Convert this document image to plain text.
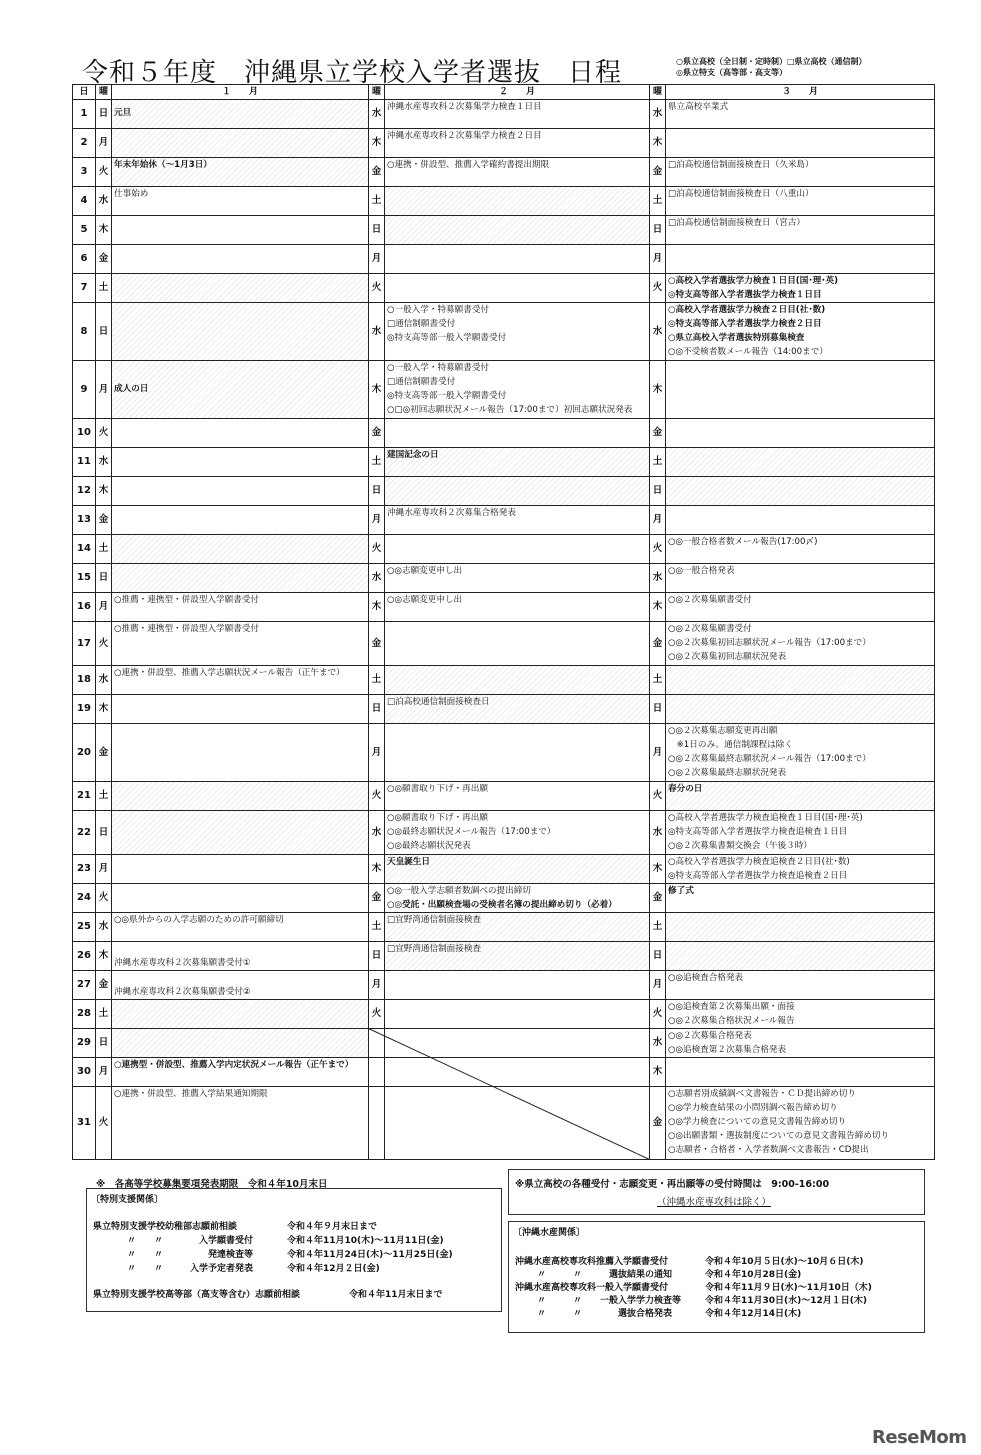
令和５年度　沖縄県立学校入学者選抜　日程	○県立高校（全日制・定時制）□県立高校（通信制）
◎県立特支（高等部・高支等）
日	曜	１　　月	曜	２　　月	曜	３　　月
1	日	元旦	水	沖縄水産専攻科２次募集学力検査１日目	水	県立高校卒業式

2	月		木	沖縄水産専攻科２次募集学力検査２日目	木	
3	火	年末年始休（～1月3日）	金	○連携・併設型、推薦入学確約書提出期限	金	□泊高校通信制面接検査日（久米島）

4	水	仕事始め	土		土	□泊高校通信制面接検査日（八重山）

5	木		日		日	□泊高校通信制面接検査日（宮古）

6	金		月		月	
7	土		火		火	○高校入学者選抜学力検査１日目(国･理･英)
◎特支高等部入学者選抜学力検査１日目

8	日		水	○一般入学・特募願書受付
□通信制願書受付
◎特支高等部一般入学願書受付	水	○高校入学者選抜学力検査２日目(社･数)
◎特支高等部入学者選抜学力検査２日目
○県立高校入学者選抜特別募集検査
○◎不受検者数メール報告（14:00まで）

9	月	成人の日	木	○一般入学・特募願書受付
□通信制願書受付
◎特支高等部一般入学願書受付
○□◎初回志願状況メール報告（17:00まで）初回志願状況発表	木	
10	火		金		金	
11	水		土	建国記念の日	土	
12	木		日		日	
13	金		月	沖縄水産専攻科２次募集合格発表	月	
14	土		火		火	○◎一般合格者数メール報告(17:00〆)

15	日		水	○◎志願変更申し出	水	○◎一般合格発表

16	月	○推薦・連携型・併設型入学願書受付	木	○◎志願変更申し出	木	○◎２次募集願書受付

17	火	○推薦・連携型・併設型入学願書受付	金		金	○◎２次募集願書受付
○◎２次募集初回志願状況メール報告（17:00まで）
○◎２次募集初回志願状況発表

18	水	○連携・併設型、推薦入学志願状況メール報告（正午まで）	土		土	
19	木		日	□泊高校通信制面接検査日	日	
20	金		月		月	○◎２次募集志願変更再出願
　※1日のみ。通信制課程は除く
○◎２次募集最終志願状況メール報告（17:00まで）
○◎２次募集最終志願状況発表

21	土		火	○◎願書取り下げ・再出願	火	春分の日

22	日		水	○◎願書取り下げ・再出願
○◎最終志願状況メール報告（17:00まで）
○◎最終志願状況発表	水	○高校入学者選抜学力検査追検査１日目(国･理･英)
◎特支高等部入学者選抜学力検査追検査１日目
○◎２次募集書類交換会（午後３時）

23	月		木	天皇誕生日	木	○高校入学者選抜学力検査追検査２日目(社･数)
◎特支高等部入学者選抜学力検査追検査２日目

24	火		金	○◎一般入学志願者数調べの提出締切
○◎受託・出願検査場の受検者名簿の提出締め切り（必着）	金	修了式

25	水	○◎県外からの入学志願のための許可願締切	土	□宜野湾通信制面接検査	土	
26	木	沖縄水産専攻科２次募集願書受付①	日	□宜野湾通信制面接検査	日	
27	金	沖縄水産専攻科２次募集願書受付②	月		月	○◎追検査合格発表

28	土		火		火	○◎追検査第２次募集出願・面接
○◎２次募集合格状況メール報告

29	日				水	○◎２次募集合格発表
○◎追検査第２次募集合格発表

30	月	○連携型・併設型、推薦入学内定状況メール報告（正午まで）			木	
31	火	○連携・併設型、推薦入学結果通知期限			金	○志願者別成績調べ文書報告・ＣＤ提出締め切り
○◎学力検査結果の小問別調べ報告締め切り
○◎学力検査についての意見文書報告締め切り
○◎出願書類・選抜制度についての意見文書報告締め切り
○志願者・合格者・入学者数調べ文書報告・CD提出
※　各高等学校募集要項発表期限　令和４年10月末日
〔特別支援関係〕
県立特別支援学校幼稚部志願前相談	令和４年９月末日まで
〃　　〃　　　　入学願書受付	令和４年11月10(木)～11月11日(金)
〃　　〃　　　　　発達検査等	令和４年11月24日(木)～11月25日(金)
〃　　〃　　　入学予定者発表	令和４年12月２日(金)
県立特別支援学校高等部（高支等含む）志願前相談	令和４年11月末日まで
※県立高校の各種受付・志願変更・再出願等の受付時間は　9:00-16:00
（沖縄水産専攻科は除く）
〔沖縄水産関係〕
沖縄水産高校専攻科推薦入学願書受付	令和４年10月５日(水)～10月６日(木)
〃　　　〃　　　選抜結果の通知	令和４年10月28日(金)
沖縄水産高校専攻科一般入学願書受付	令和４年11月９日(水)～11月10日（木)
〃　　　〃　　一般入学学力検査等	令和４年11月30日(水)～12月１日(木)
〃　　　〃　　　　選抜合格発表	令和４年12月14日(木)
ReseMom
